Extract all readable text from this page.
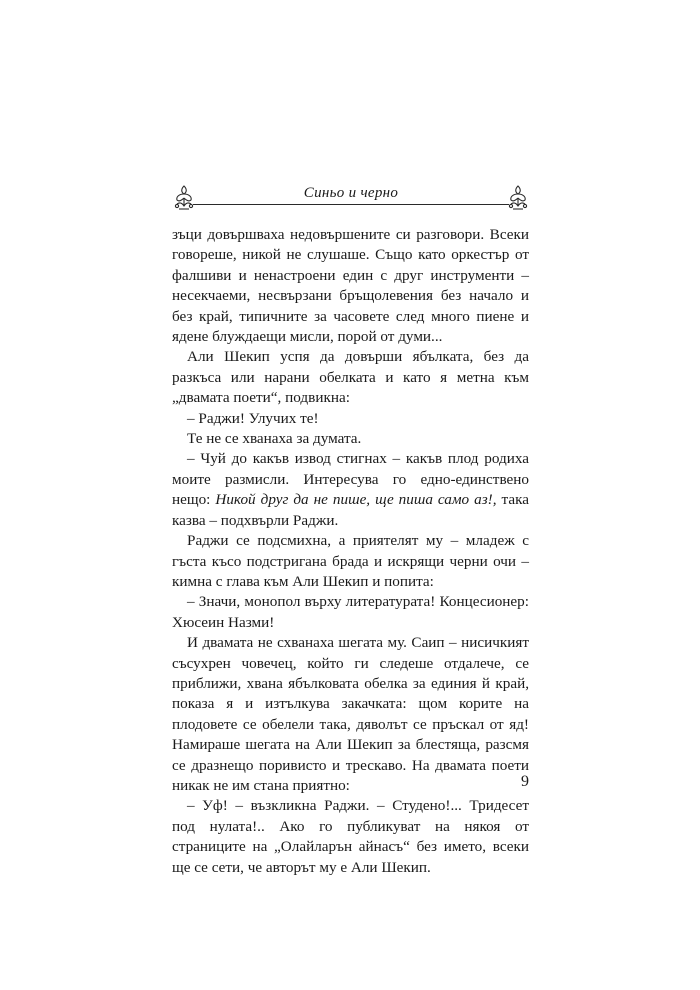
Синьо и черно

зъци довършваха недовършените си разговори. Всеки говореше, никой не слушаше. Също като оркестър от фалшиви и ненастроени един с друг инструменти – несекчаеми, несвързани бръщолевения без начало и без край, типичните за часовете след много пиене и ядене блуждаещи мисли, порой от думи...

Али Шекип успя да довърши ябълката, без да разкъса или нарани обелката и като я метна към „двамата поети“, подвикна:

– Раджи! Улучих те!

Те не се хванаха за думата.

– Чуй до какъв извод стигнах – какъв плод родиха моите размисли. Интересува го едно-единствено нещо: Никой друг да не пише, ще пиша само аз!, така казва – подхвърли Раджи.

Раджи се подсмихна, а приятелят му – младеж с гъста късо подстригана брада и искрящи черни очи – кимна с глава към Али Шекип и попита:

– Значи, монопол върху литературата! Концесионер: Хюсеин Назми!

И двамата не схванаха шегата му. Саип – нисичкият съсухрен човечец, който ги следеше отдалече, се приближи, хвана ябълковата обелка за единия й край, показа я и изтълкува закачката: щом корите на плодовете се обелели така, дяволът се пръскал от яд! Намираше шегата на Али Шекип за блестяща, разсмя се дразнещо поривисто и трескаво. На двамата поети никак не им стана приятно:

– Уф! – възкликна Раджи. – Студено!... Тридесет под нулата!.. Ако го публикуват на някоя от страниците на „Олайларън айнасъ“ без името, всеки ще се сети, че авторът му е Али Шекип.

9
